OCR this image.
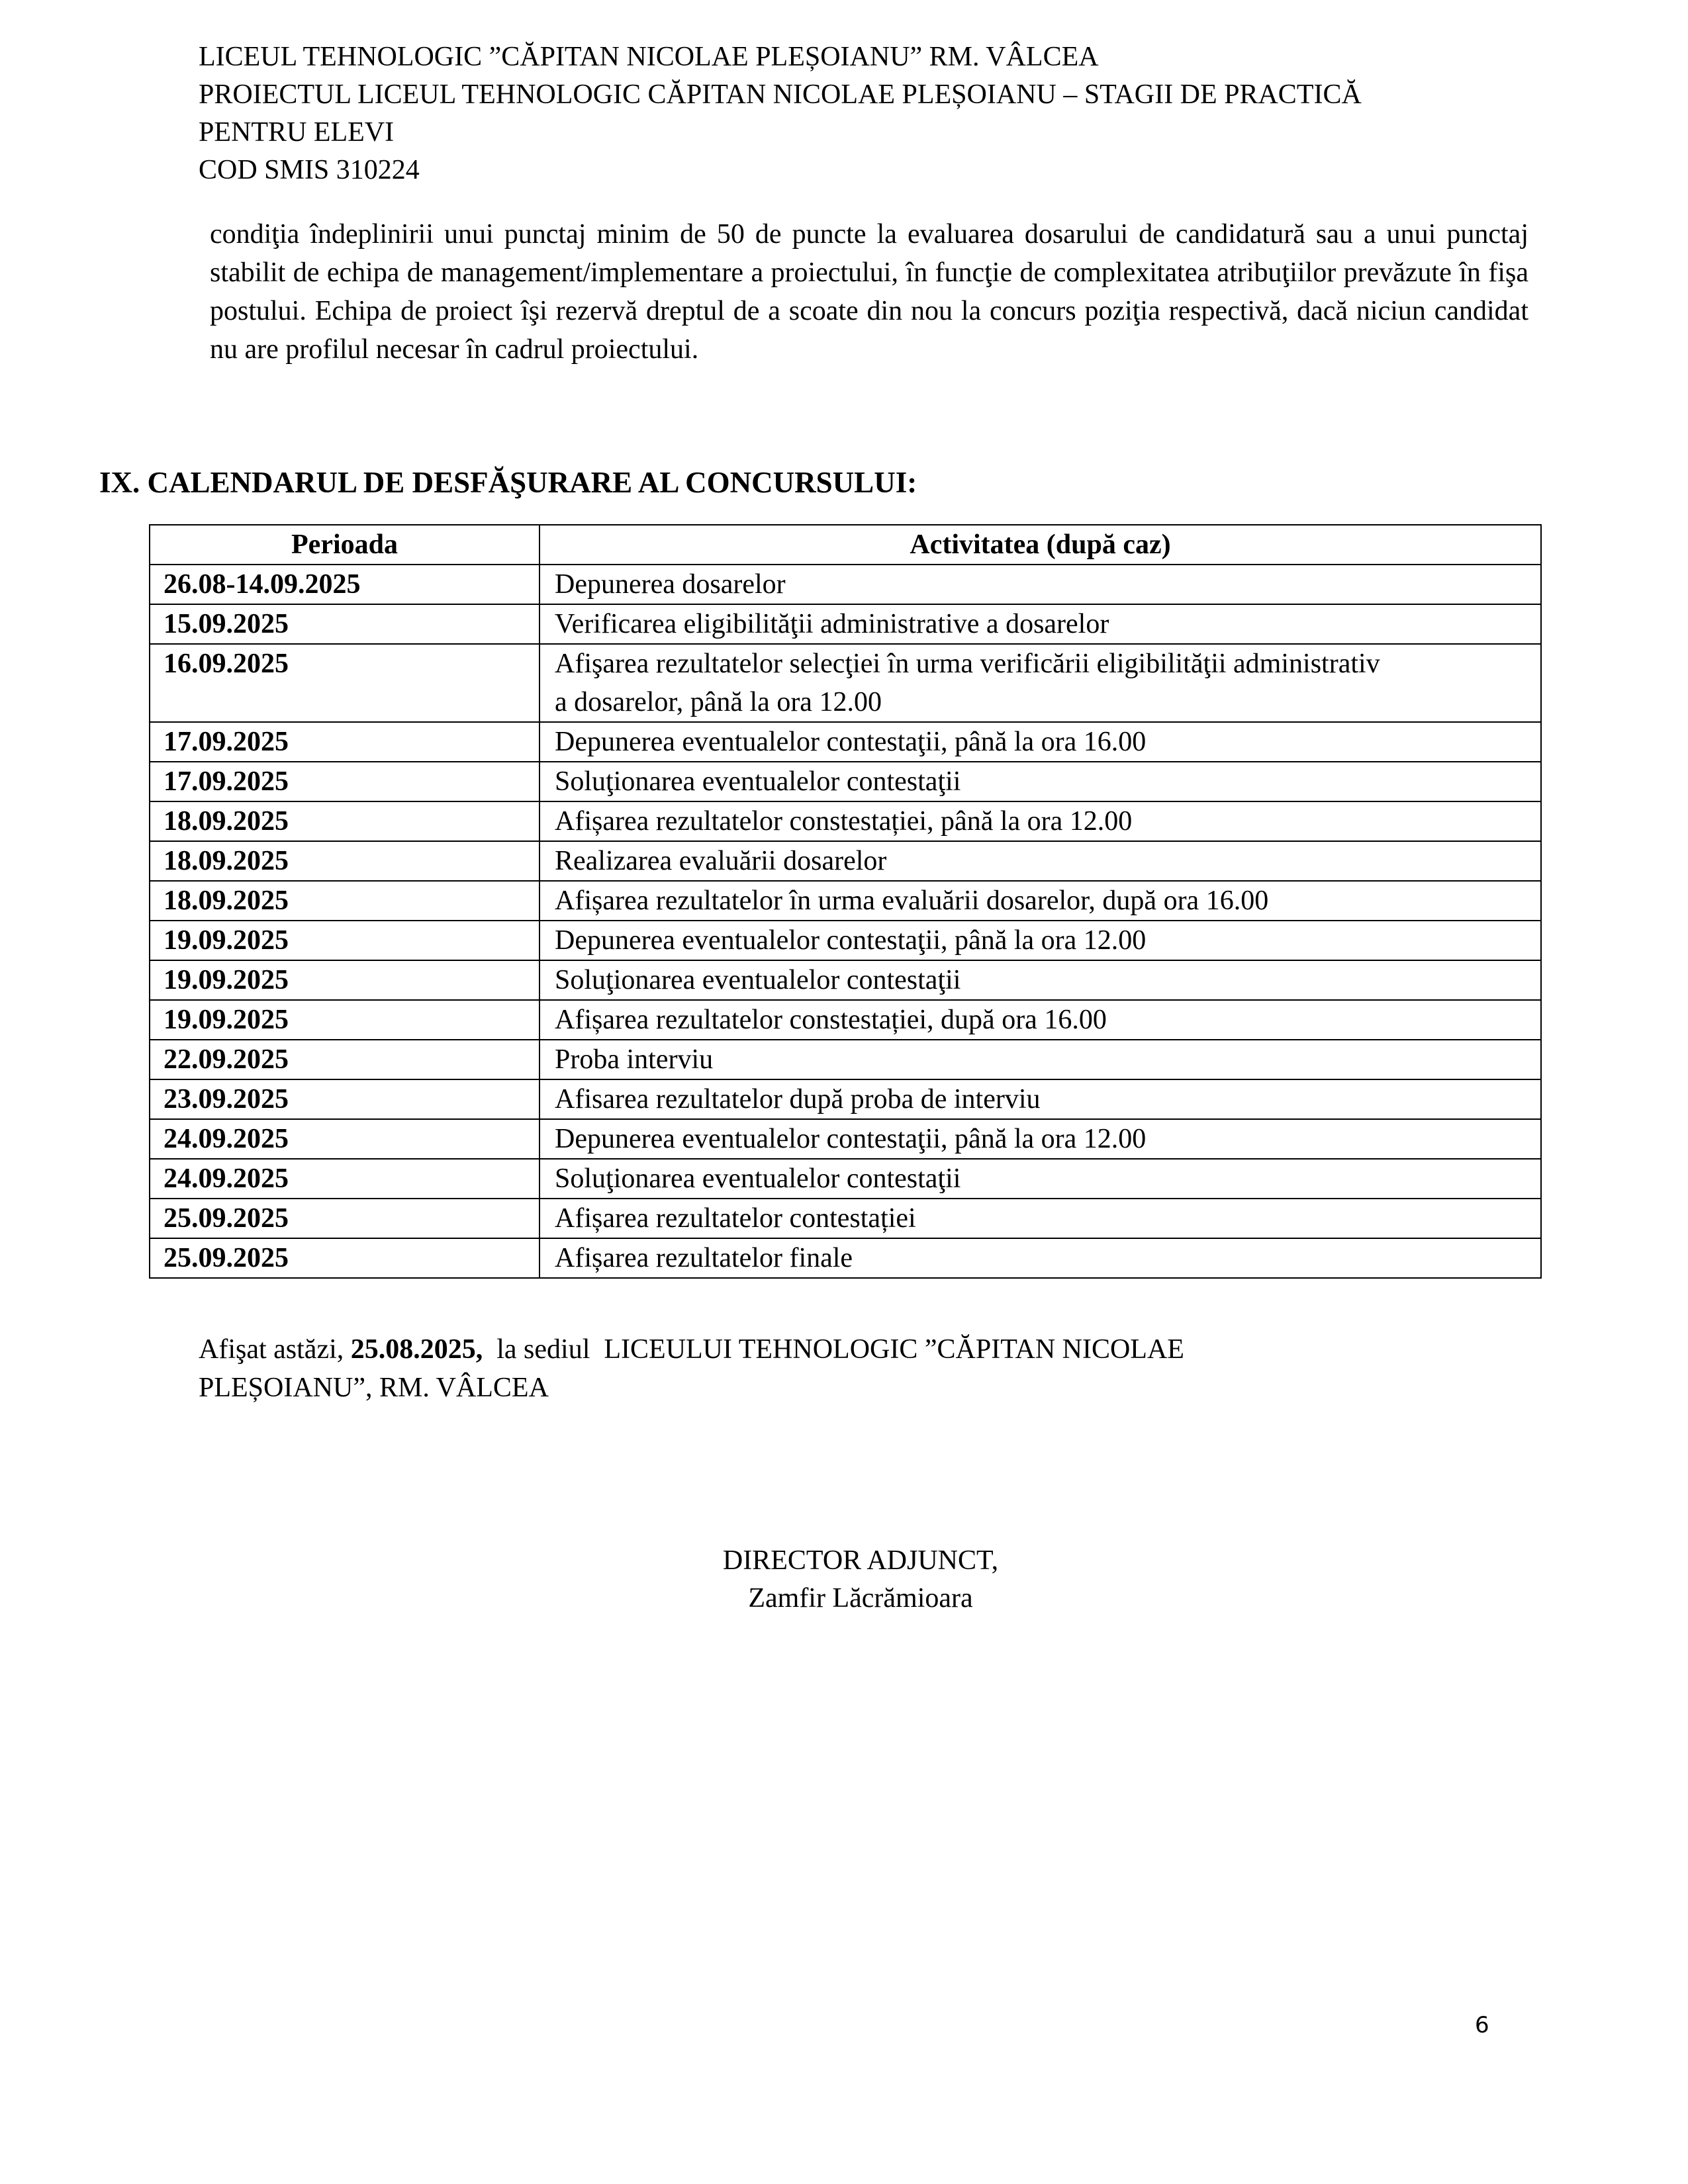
LICEUL TEHNOLOGIC ”CĂPITAN NICOLAE PLEȘOIANU” RM. VÂLCEA
PROIECTUL LICEUL TEHNOLOGIC CĂPITAN NICOLAE PLEȘOIANU – STAGII DE PRACTICĂ
PENTRU ELEVI
COD SMIS 310224
condiţia îndeplinirii unui punctaj minim de 50 de puncte la evaluarea dosarului de candidatură sau a unui punctaj stabilit de echipa de management/implementare a proiectului, în funcţie de complexitatea atribuţiilor prevăzute în fişa postului. Echipa de proiect îşi rezervă dreptul de a scoate din nou la concurs poziţia respectivă, dacă niciun candidat nu are profilul necesar în cadrul proiectului.
IX. CALENDARUL DE DESFĂŞURARE AL CONCURSULUI:
Perioada	Activitatea (după caz)
26.08-14.09.2025	Depunerea dosarelor
15.09.2025	Verificarea eligibilităţii administrative a dosarelor
16.09.2025	Afişarea rezultatelor selecţiei în urma verificării eligibilităţii administrativ
a dosarelor, până la ora 12.00

17.09.2025	Depunerea eventualelor contestaţii, până la ora 16.00
17.09.2025	Soluţionarea eventualelor contestaţii
18.09.2025	Afișarea rezultatelor constestației, până la ora 12.00
18.09.2025	Realizarea evaluării dosarelor
18.09.2025	Afișarea rezultatelor în urma evaluării dosarelor, după ora 16.00
19.09.2025	Depunerea eventualelor contestaţii, până la ora 12.00
19.09.2025	Soluţionarea eventualelor contestaţii
19.09.2025	Afișarea rezultatelor constestației, după ora 16.00
22.09.2025	Proba interviu
23.09.2025	Afisarea rezultatelor după proba de interviu
24.09.2025	Depunerea eventualelor contestaţii, până la ora 12.00
24.09.2025	Soluţionarea eventualelor contestaţii
25.09.2025	Afișarea rezultatelor contestației
25.09.2025	Afișarea rezultatelor finale
Afişat astăzi, 25.08.2025,  la sediul  LICEULUI TEHNOLOGIC ”CĂPITAN NICOLAE
PLEȘOIANU”, RM. VÂLCEA
DIRECTOR ADJUNCT,
Zamfir Lăcrămioara
6
